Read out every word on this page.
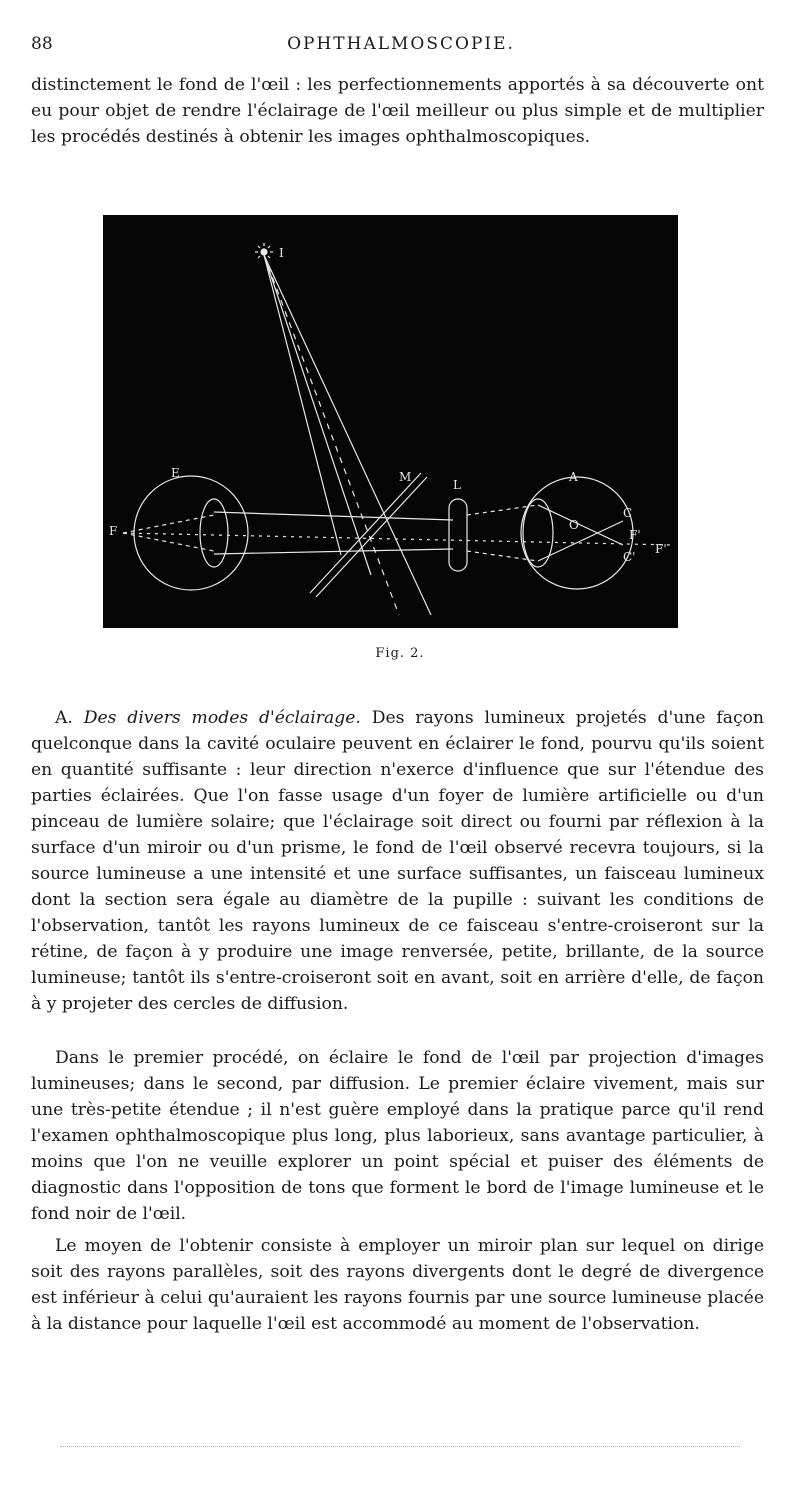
88	OPHTHALMOSCOPIE.

distinctement le fond de l'œil : les perfectionnements apportés à sa découverte ont eu pour objet de rendre l'éclairage de l'œil meilleur ou plus simple et de multiplier les procédés destinés à obtenir les images ophthalmoscopiques.

I
E
F
M
L
A
O
C
C'
F'
F'
Fig. 2.

A. Des divers modes d'éclairage. Des rayons lumineux projetés d'une façon quelconque dans la cavité oculaire peuvent en éclairer le fond, pourvu qu'ils soient en quantité suffisante : leur direction n'exerce d'influence que sur l'étendue des parties éclairées. Que l'on fasse usage d'un foyer de lumière artificielle ou d'un pinceau de lumière solaire; que l'éclairage soit direct ou fourni par réflexion à la surface d'un miroir ou d'un prisme, le fond de l'œil observé recevra toujours, si la source lumineuse a une intensité et une surface suffisantes, un faisceau lumineux dont la section sera égale au diamètre de la pupille : suivant les conditions de l'observation, tantôt les rayons lumineux de ce faisceau s'entre-croiseront sur la rétine, de façon à y produire une image renversée, petite, brillante, de la source lumineuse; tantôt ils s'entre-croiseront soit en avant, soit en arrière d'elle, de façon à y projeter des cercles de diffusion.

Dans le premier procédé, on éclaire le fond de l'œil par projection d'images lumineuses; dans le second, par diffusion. Le premier éclaire vivement, mais sur une très-petite étendue ; il n'est guère employé dans la pratique parce qu'il rend l'examen ophthalmoscopique plus long, plus laborieux, sans avantage particulier, à moins que l'on ne veuille explorer un point spécial et puiser des éléments de diagnostic dans l'opposition de tons que forment le bord de l'image lumineuse et le fond noir de l'œil.

Le moyen de l'obtenir consiste à employer un miroir plan sur lequel on dirige soit des rayons parallèles, soit des rayons divergents dont le degré de divergence est inférieur à celui qu'auraient les rayons fournis par une source lumineuse placée à la distance pour laquelle l'œil est accommodé au moment de l'observation.
